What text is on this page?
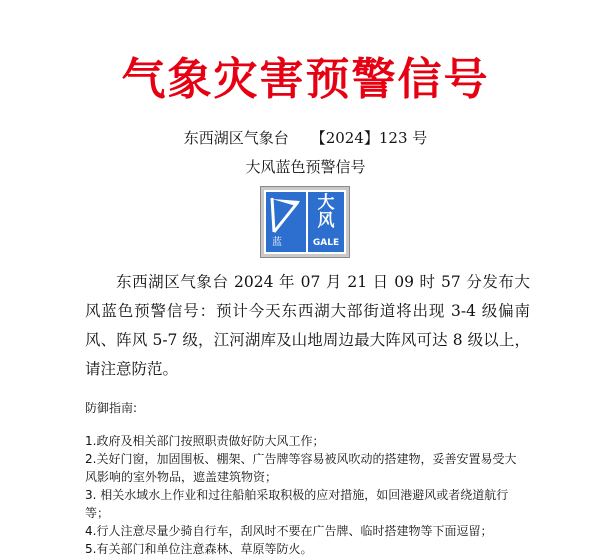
气象灾害预警信号
东西湖区气象台 【2024】123 号
大风蓝色预警信号
大
风
GALE
蓝
东西湖区气象台 2024 年 07 月 21 日 09 时 57 分发布大风蓝色预警信号：预计今天东西湖大部街道将出现 3-4 级偏南风、阵风 5-7 级，江河湖库及山地周边最大阵风可达 8 级以上，请注意防范。
防御指南:

1.政府及相关部门按照职责做好防大风工作；

2.关好门窗，加固围板、棚架、广告牌等容易被风吹动的搭建物，妥善安置易受大风影响的室外物品，遮盖建筑物资；

3. 相关水域水上作业和过往船舶采取积极的应对措施，如回港避风或者绕道航行等；

4.行人注意尽量少骑自行车，刮风时不要在广告牌、临时搭建物等下面逗留；

5.有关部门和单位注意森林、草原等防火。
